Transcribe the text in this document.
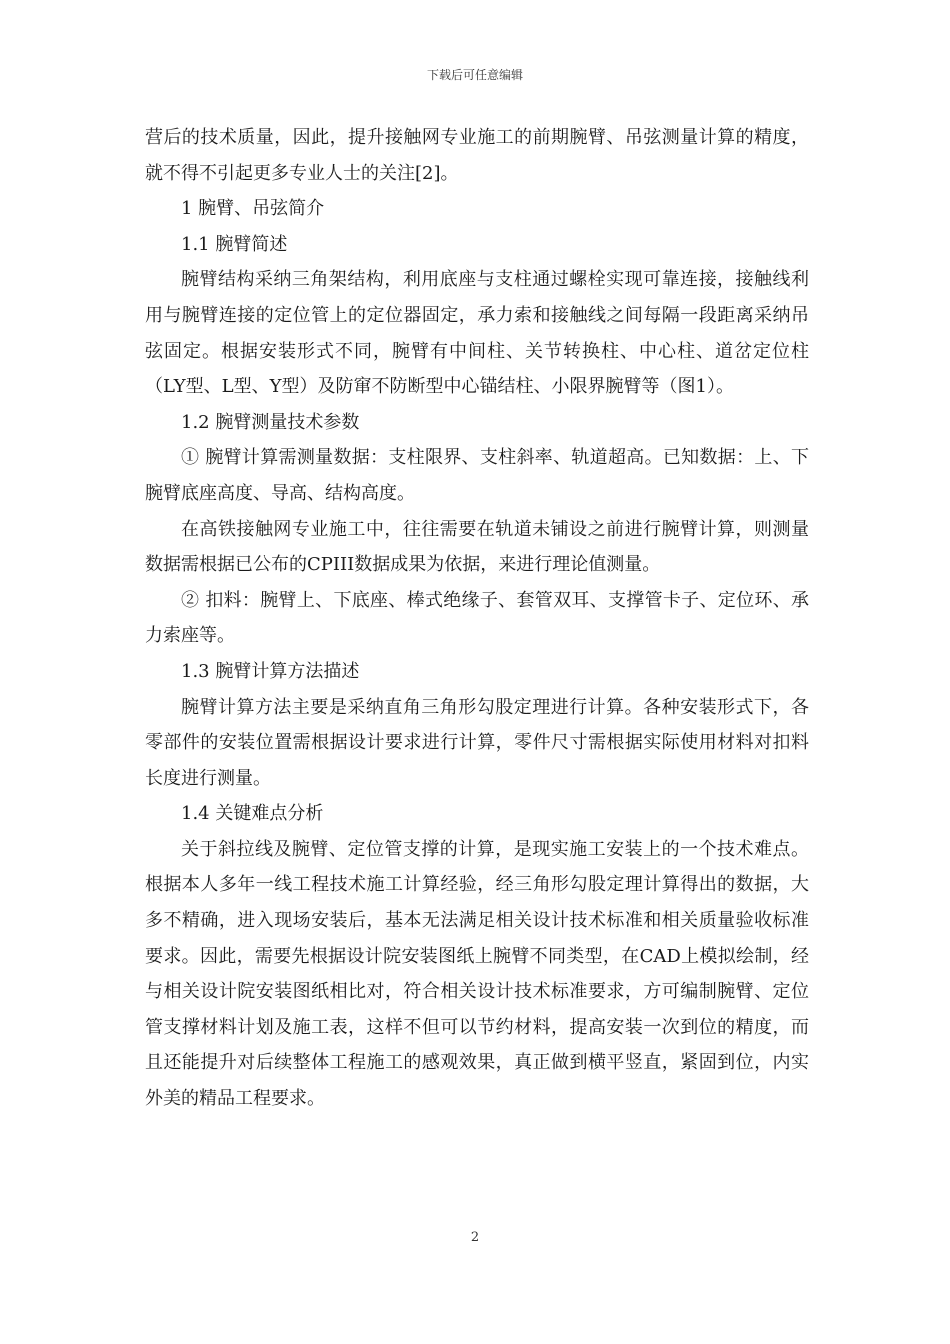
下载后可任意编辑

营后的技术质量，因此，提升接触网专业施工的前期腕臂、吊弦测量计算的精度，就不得不引起更多专业人士的关注[2]。

1 腕臂、吊弦简介

1.1 腕臂简述

腕臂结构采纳三角架结构，利用底座与支柱通过螺栓实现可靠连接，接触线利用与腕臂连接的定位管上的定位器固定，承力索和接触线之间每隔一段距离采纳吊弦固定。根据安装形式不同，腕臂有中间柱、关节转换柱、中心柱、道岔定位柱（LY型、L型、Y型）及防窜不防断型中心锚结柱、小限界腕臂等（图1）。

1.2 腕臂测量技术参数

① 腕臂计算需测量数据：支柱限界、支柱斜率、轨道超高。已知数据：上、下腕臂底座高度、导高、结构高度。

在高铁接触网专业施工中，往往需要在轨道未铺设之前进行腕臂计算，则测量数据需根据已公布的CPIII数据成果为依据，来进行理论值测量。

② 扣料：腕臂上、下底座、棒式绝缘子、套管双耳、支撑管卡子、定位环、承力索座等。

1.3 腕臂计算方法描述

腕臂计算方法主要是采纳直角三角形勾股定理进行计算。各种安装形式下，各零部件的安装位置需根据设计要求进行计算，零件尺寸需根据实际使用材料对扣料长度进行测量。

1.4 关键难点分析

关于斜拉线及腕臂、定位管支撑的计算，是现实施工安装上的一个技术难点。根据本人多年一线工程技术施工计算经验，经三角形勾股定理计算得出的数据，大多不精确，进入现场安装后，基本无法满足相关设计技术标准和相关质量验收标准要求。因此，需要先根据设计院安装图纸上腕臂不同类型，在CAD上模拟绘制，经与相关设计院安装图纸相比对，符合相关设计技术标准要求，方可编制腕臂、定位管支撑材料计划及施工表，这样不但可以节约材料，提高安装一次到位的精度，而且还能提升对后续整体工程施工的感观效果，真正做到横平竖直，紧固到位，内实外美的精品工程要求。

2
